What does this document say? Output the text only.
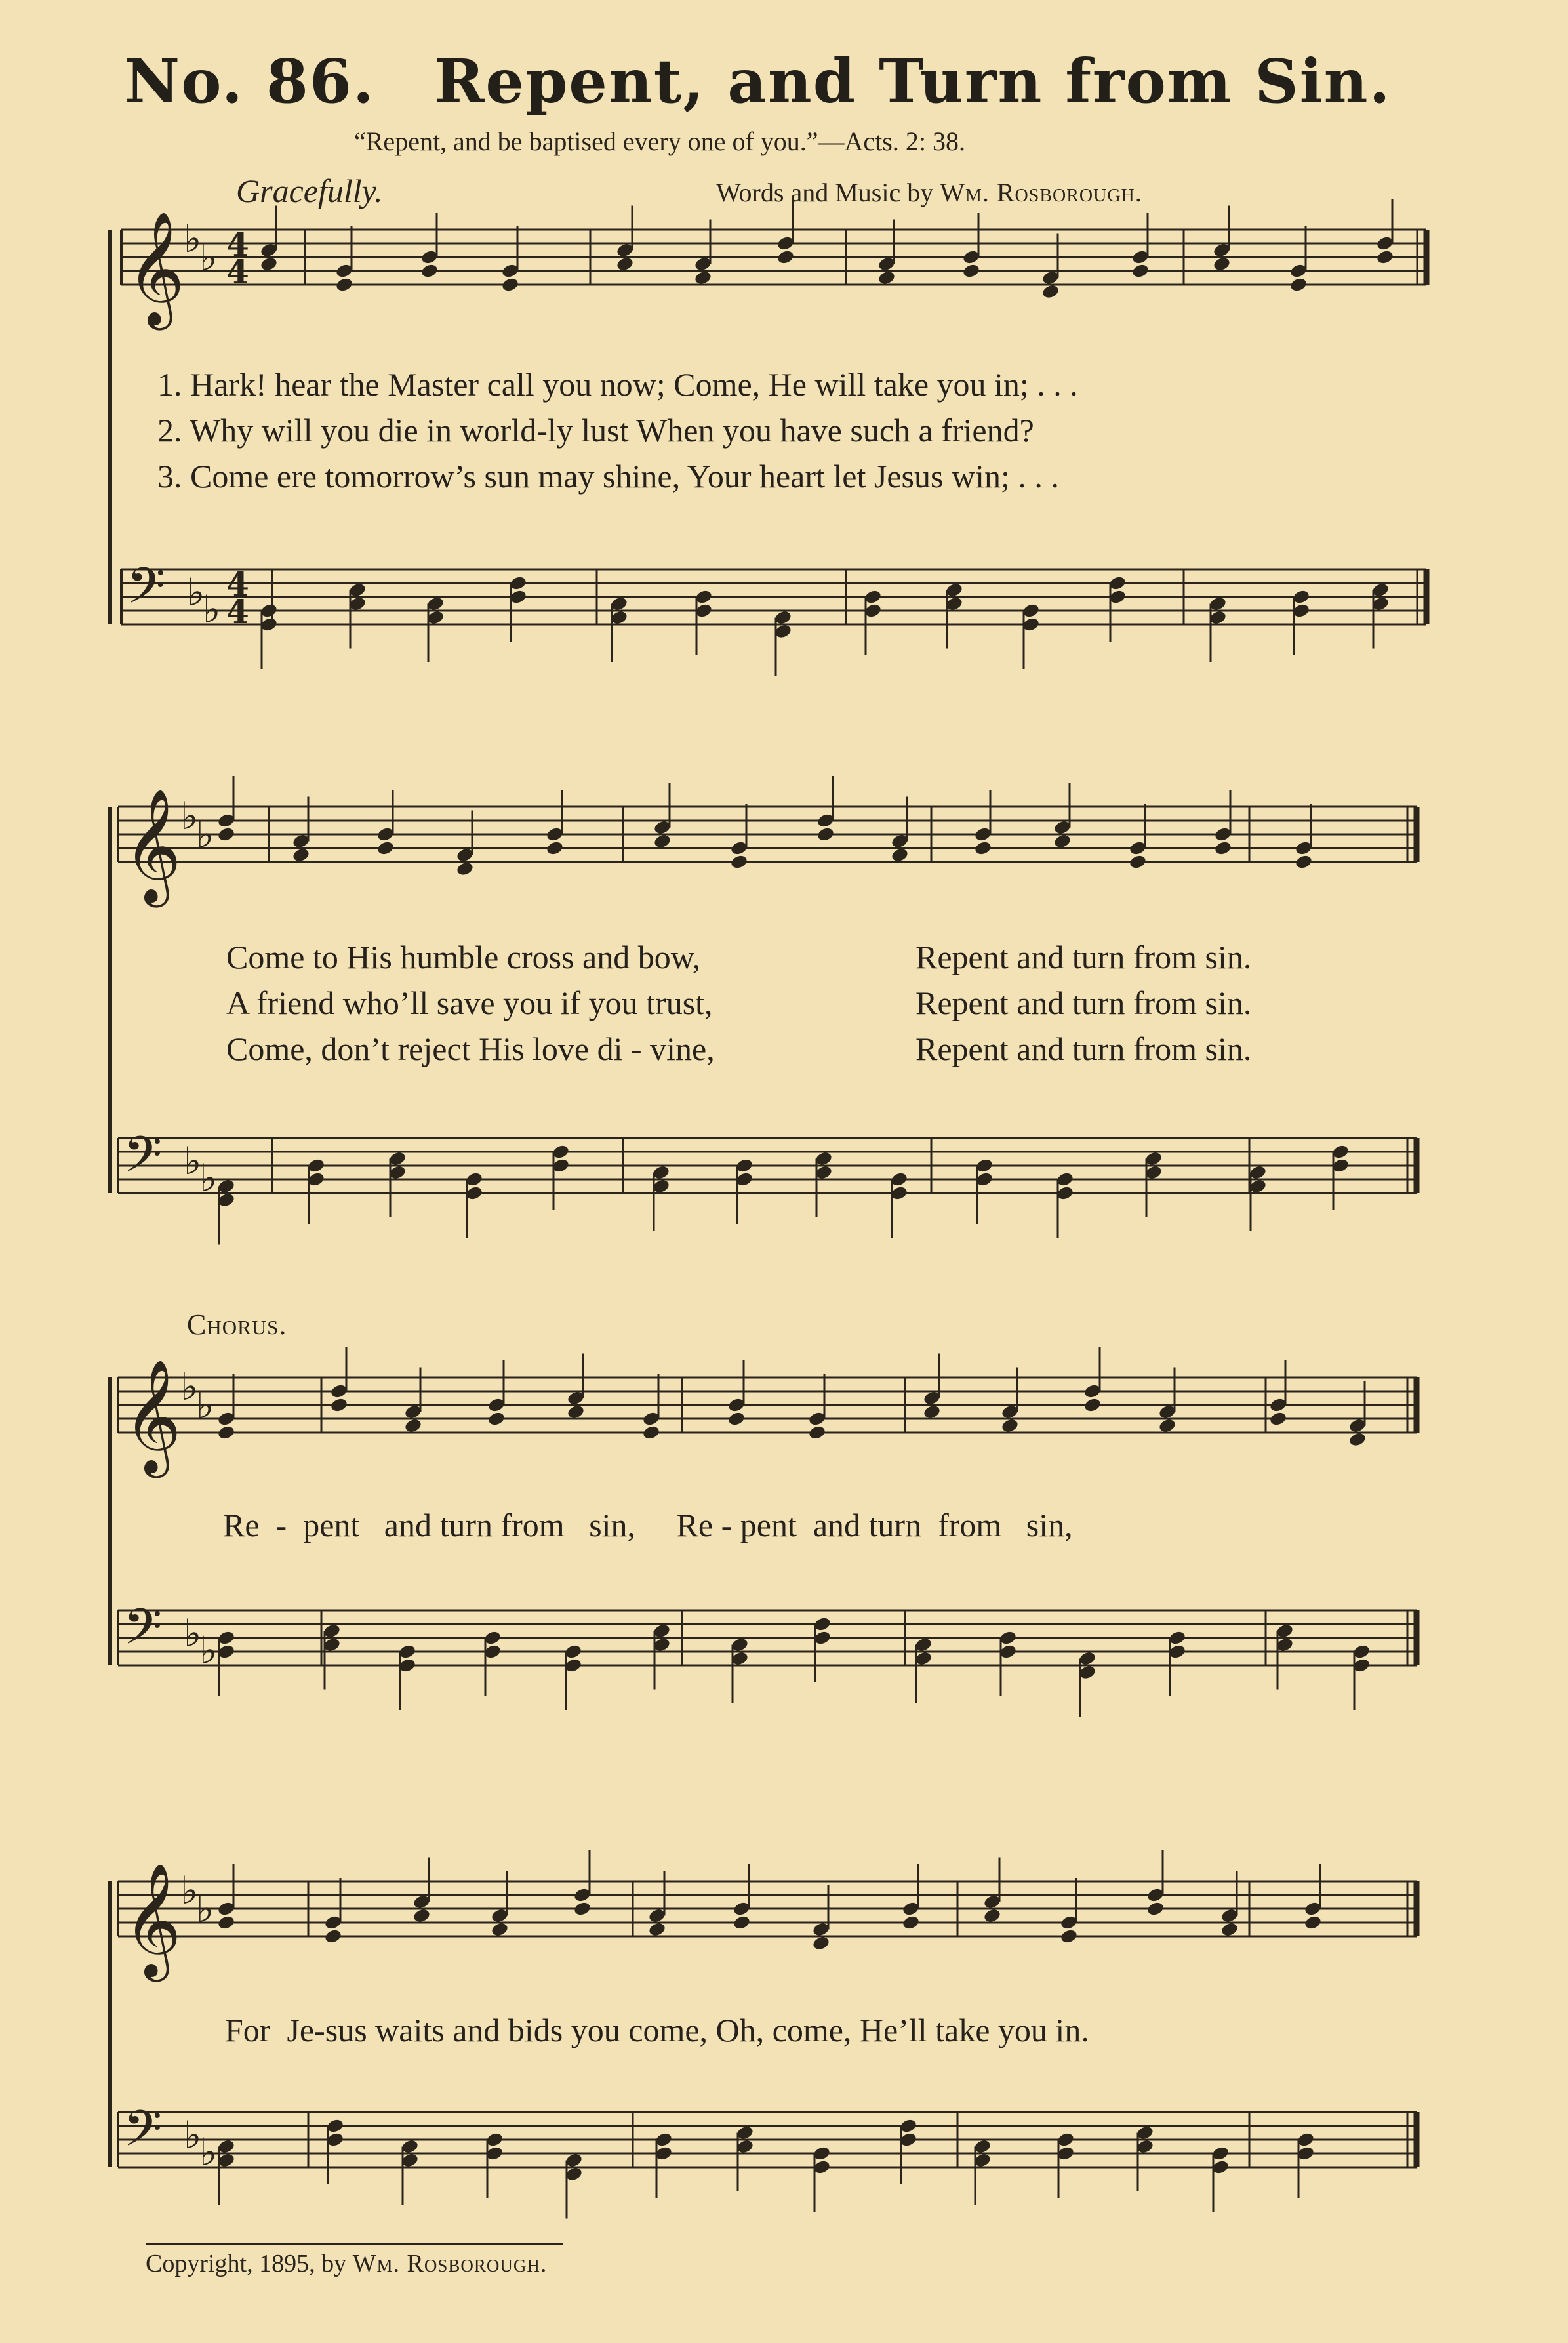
No. 86. Repent, and Turn from Sin.
“Repent, and be baptised every one of you.”—Acts. 2: 38.
Gracefully.	Words and Music by Wm. Rosborough.
𝄞
♭
♭ 4
4
𝄢 ♭
♭
4
4
𝄞
♭
♭
𝄢 ♭
♭
𝄞
♭
♭
𝄢 ♭
♭
𝄞
♭
♭
𝄢 ♭
♭
1. Hark! hear the Master call you now; Come, He will take you in; . . .
2. Why will you die in world-ly lust When you have such a friend?
3. Come ere tomorrow’s sun may shine, Your heart let Jesus win; . . .
Come to His humble cross and bow,
A friend who’ll save you if you trust,
Come, don’t reject His love di - vine,
Repent and turn from sin.
Repent and turn from sin.
Repent and turn from sin.
Chorus.
Re  -  pent   and turn from   sin,     Re - pent  and turn  from   sin,
For  Je-sus waits and bids you come, Oh, come, He’ll take you in.
Copyright, 1895, by Wm. Rosborough.
